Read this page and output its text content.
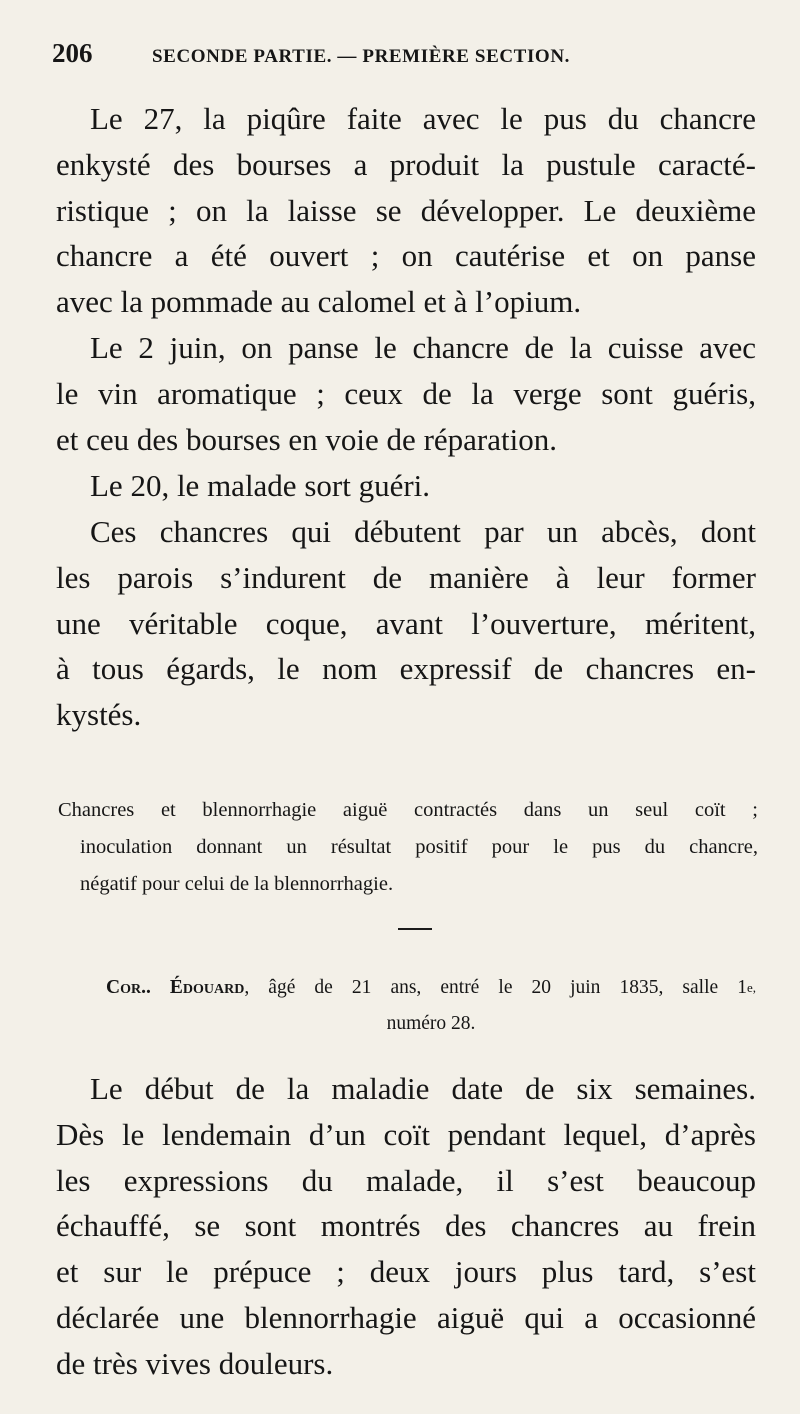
206	SECONDE PARTIE. — PREMIÈRE SECTION.

Le 27, la piqûre faite avec le pus du chancre
enkysté des bourses a produit la pustule caracté-
ristique ; on la laisse se développer. Le deuxième
chancre a été ouvert ; on cautérise et on panse
avec la pommade au calomel et à l’opium.

Le 2 juin, on panse le chancre de la cuisse avec
le vin aromatique ; ceux de la verge sont guéris,
et ceu des bourses en voie de réparation.

Le 20, le malade sort guéri.

Ces chancres qui débutent par un abcès, dont
les parois s’indurent de manière à leur former
une véritable coque, avant l’ouverture, méritent,
à tous égards, le nom expressif de chancres en-
kystés.

Chancres et blennorrhagie aiguë contractés dans un seul coït ;
inoculation donnant un résultat positif pour le pus du chancre,
négatif pour celui de la blennorrhagie.

Cor.. Édouard, âgé de 21 ans, entré le 20 juin 1835, salle $1^{e,}$
numéro 28.

Le début de la maladie date de six semaines.
Dès le lendemain d’un coït pendant lequel, d’après
les expressions du malade, il s’est beaucoup
échauffé, se sont montrés des chancres au frein
et sur le prépuce ; deux jours plus tard, s’est
déclarée une blennorrhagie aiguë qui a occasionné
de très vives douleurs.
